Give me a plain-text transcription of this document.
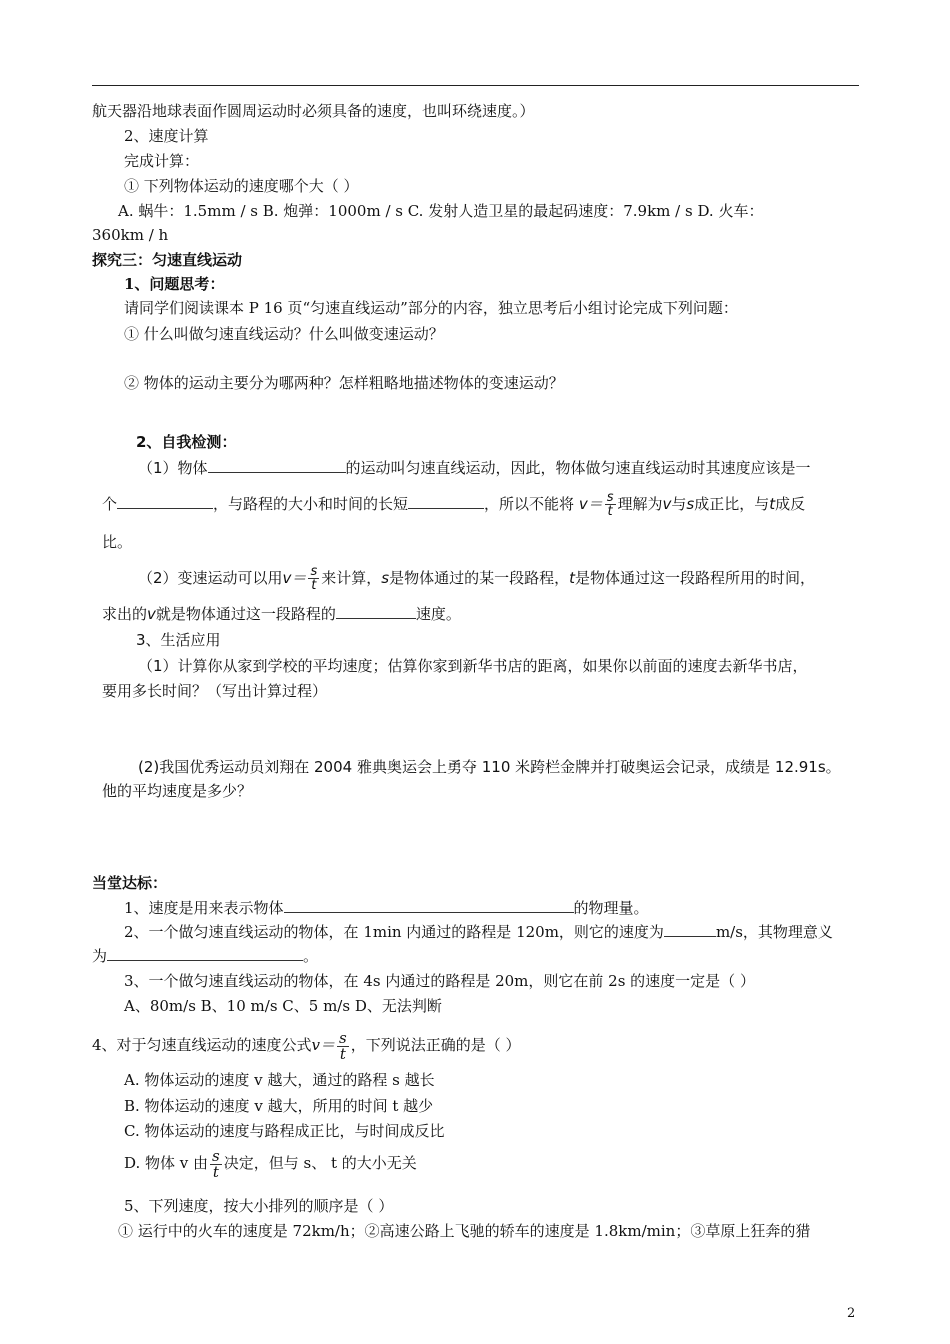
航天器沿地球表面作圆周运动时必须具备的速度，也叫环绕速度。）
2、速度计算
完成计算：
① 下列物体运动的速度哪个大（ ）
A. 蜗牛：1.5mm / s B. 炮弹：1000m / s C. 发射人造卫星的最起码速度：7.9km / s D. 火车：
360km / h
探究三：匀速直线运动
1、问题思考：
请同学们阅读课本 P 16 页“匀速直线运动”部分的内容，独立思考后小组讨论完成下列问题：
① 什么叫做匀速直线运动？什么叫做变速运动？
② 物体的运动主要分为哪两种？怎样粗略地描述物体的变速运动？
2、自我检测：
（1）物体	的运动叫匀速直线运动，因此，物体做匀速直线运动时其速度应该是一
个	，与路程的大小和时间的长短	，所以不能将 $v= \frac{s}{t}$ 理解为v与s成正比，与t成反
比。
（2）变速运动可以用$v= \frac{s}{t}$ 来计算，s是物体通过的某一段路程，t是物体通过这一段路程所用的时间，
求出的v就是物体通过这一段路程的	速度。
3、生活应用
（1）计算你从家到学校的平均速度；估算你家到新华书店的距离，如果你以前面的速度去新华书店，
要用多长时间？（写出计算过程）
(2)我国优秀运动员刘翔在 2004 雅典奥运会上勇夺 110 米跨栏金牌并打破奥运会记录，成绩是 12.91s。
他的平均速度是多少？
当堂达标：
1、速度是用来表示物体	的物理量。
2、一个做匀速直线运动的物体，在 1min 内通过的路程是 120m，则它的速度为	m/s，其物理意义
为	。
3、一个做匀速直线运动的物体，在 4s 内通过的路程是 20m，则它在前 2s 的速度一定是（ ）
A、80m/s B、10 m/s C、5 m/s D、无法判断
4、对于匀速直线运动的速度公式$v= \frac{s}{t}$ ，下列说法正确的是（ ）
A. 物体运动的速度 v 越大，通过的路程 s 越长
B. 物体运动的速度 v 越大，所用的时间 t 越少
C. 物体运动的速度与路程成正比，与时间成反比
D. 物体 v 由 $\frac{s}{t}$ 决定，但与 s、 t 的大小无关
5、下列速度，按大小排列的顺序是（ ）
① 运行中的火车的速度是 72km/h；②高速公路上飞驰的轿车的速度是 1.8km/min；③草原上狂奔的猎
2
